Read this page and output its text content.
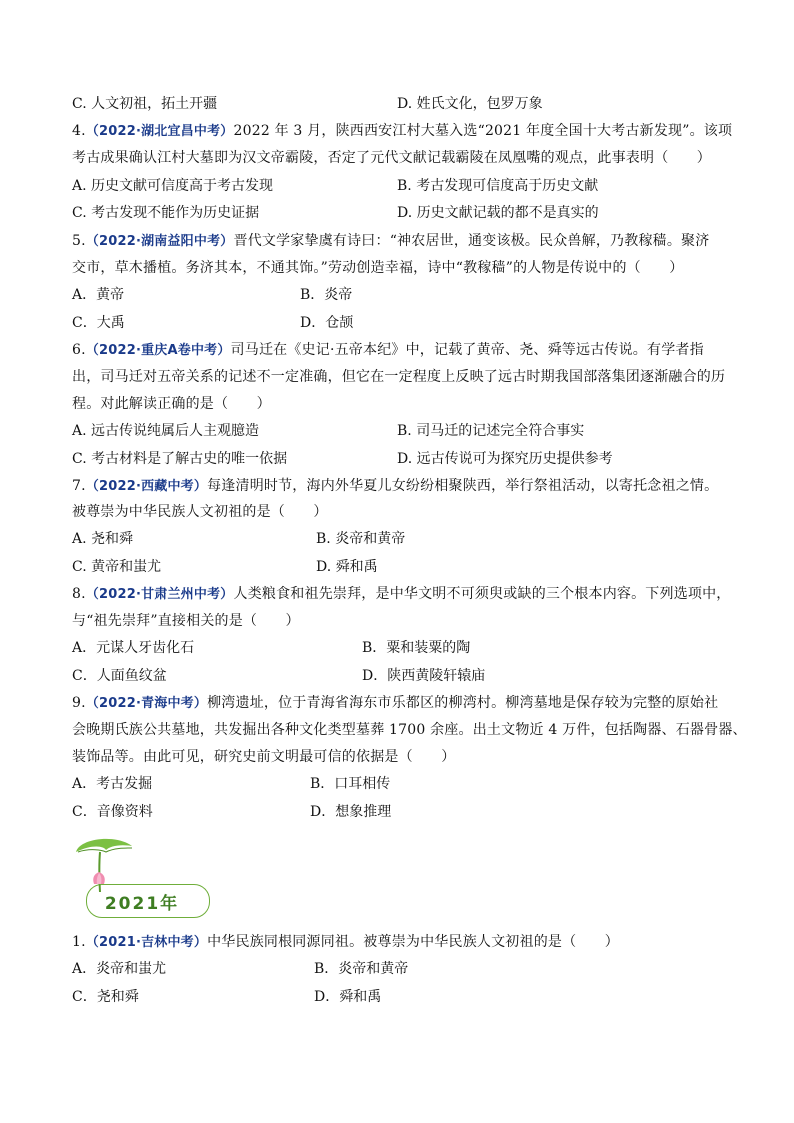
C. 人文初祖，拓土开疆	D. 姓氏文化，包罗万象
4.（2022·湖北宜昌中考）2022 年 3 月，陕西西安江村大墓入选“2021 年度全国十大考古新发现”。该项
考古成果确认江村大墓即为汉文帝霸陵，否定了元代文献记载霸陵在凤凰嘴的观点，此事表明（　　）
A. 历史文献可信度高于考古发现	B. 考古发现可信度高于历史文献
C. 考古发现不能作为历史证据	D. 历史文献记载的都不是真实的
5.（2022·湖南益阳中考）晋代文学家挚虞有诗曰：“神农居世，通变该极。民众兽解，乃教稼穑。聚济
交市，草木播植。务济其本，不通其饰。”劳动创造幸福，诗中“教稼穑”的人物是传说中的（　　）
A．黄帝	B．炎帝
C．大禹	D．仓颉
6.（2022·重庆A卷中考）司马迁在《史记·五帝本纪》中，记载了黄帝、尧、舜等远古传说。有学者指
出，司马迁对五帝关系的记述不一定准确，但它在一定程度上反映了远古时期我国部落集团逐渐融合的历
程。对此解读正确的是（　　）
A. 远古传说纯属后人主观臆造	B. 司马迁的记述完全符合事实
C. 考古材料是了解古史的唯一依据	D. 远古传说可为探究历史提供参考
7.（2022·西藏中考）每逢清明时节，海内外华夏儿女纷纷相聚陕西，举行祭祖活动，以寄托念祖之情。
被尊崇为中华民族人文初祖的是（　　）
A. 尧和舜	B. 炎帝和黄帝
C. 黄帝和蚩尤	D. 舜和禹
8.（2022·甘肃兰州中考）人类粮食和祖先崇拜，是中华文明不可须臾或缺的三个根本内容。下列选项中，
与“祖先崇拜”直接相关的是（　　）
A．元谋人牙齿化石	B．粟和装粟的陶
C．人面鱼纹盆	D．陕西黄陵轩辕庙
9.（2022·青海中考）柳湾遗址，位于青海省海东市乐都区的柳湾村。柳湾墓地是保存较为完整的原始社
会晚期氏族公共墓地，共发掘出各种文化类型墓葬 1700 余座。出土文物近 4 万件，包括陶器、石器骨器、
装饰品等。由此可见，研究史前文明最可信的依据是（　　）
A．考古发掘	B．口耳相传
C．音像资料	D．想象推理
2021年
1.（2021·吉林中考）中华民族同根同源同祖。被尊崇为中华民族人文初祖的是（　　）
A．炎帝和蚩尤	B．炎帝和黄帝
C．尧和舜	D．舜和禹
